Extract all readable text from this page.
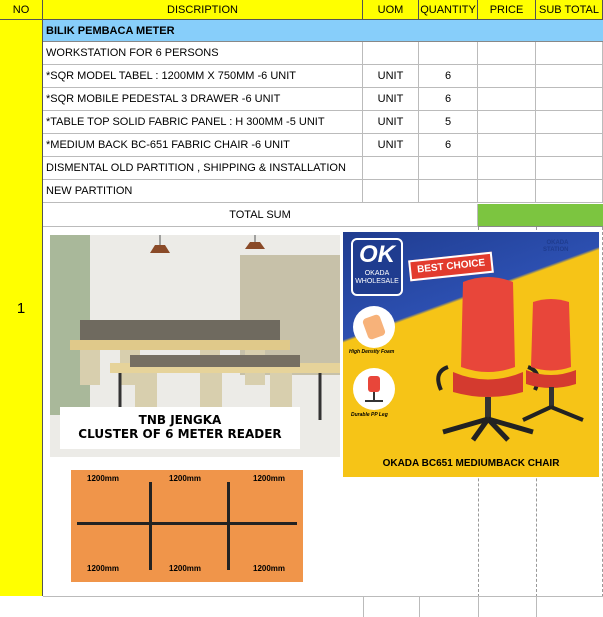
NO	DISCRIPTION	UOM	QUANTITY	PRICE	SUB TOTAL
1
BILIK PEMBACA METER
WORKSTATION FOR 6 PERSONS
*SQR MODEL TABEL : 1200MM X 750MM -6 UNIT	UNIT	6
*SQR MOBILE PEDESTAL 3 DRAWER -6 UNIT	UNIT	6
*TABLE TOP SOLID FABRIC PANEL : H 300MM -5 UNIT	UNIT	5
*MEDIUM BACK BC-651 FABRIC CHAIR -6 UNIT	UNIT	6
DISMENTAL OLD PARTITION , SHIPPING & INSTALLATION
NEW PARTITION
TOTAL SUM
TNB JENGKA
CLUSTER OF 6 METER READER
1200mm	1200mm	1200mm
1200mm	1200mm	1200mm
OK
OKADA
WHOLESALE
BEST CHOICE
OKADA
STATION
High Density Foam
Durable PP Leg
OKADA BC651 MEDIUMBACK CHAIR
